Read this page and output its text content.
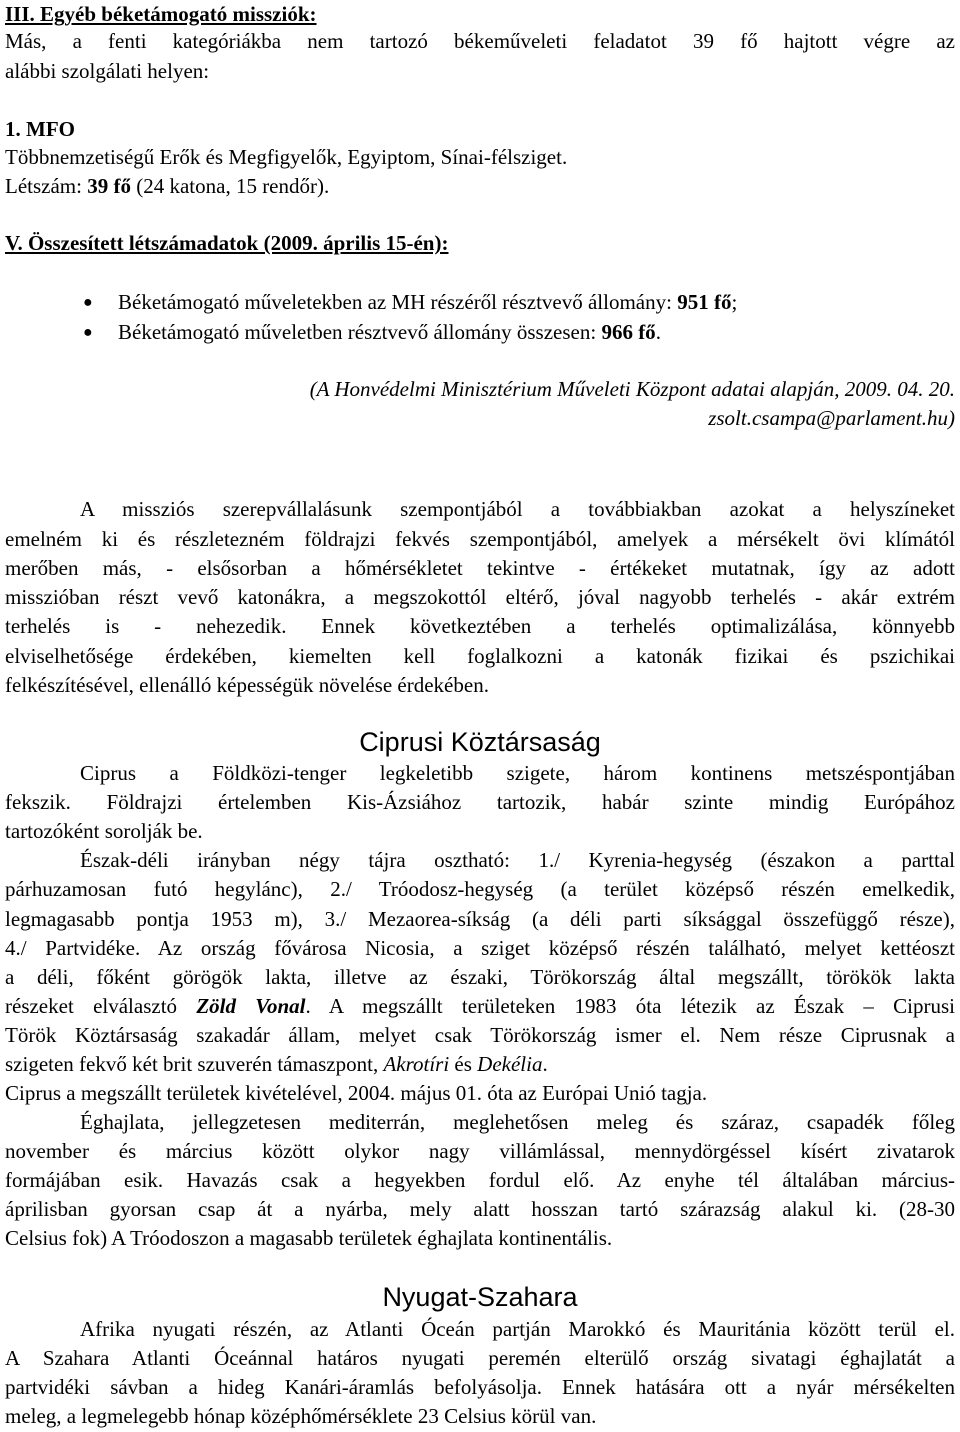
III. Egyéb béketámogató missziók:
Más, a fenti kategóriákba nem tartozó békeműveleti feladatot 39 fő hajtott végre az
alábbi szolgálati helyen:
1. MFO
Többnemzetiségű Erők és Megfigyelők, Egyiptom, Sínai-félsziget.
Létszám: 39 fő (24 katona, 15 rendőr).
V. Összesített létszámadatok (2009. április 15-én):
● Béketámogató műveletekben az MH részéről résztvevő állomány: 951 fő;
● Béketámogató műveletben résztvevő állomány összesen: 966 fő.
(A Honvédelmi Minisztérium Műveleti Központ adatai alapján, 2009. 04. 20.
zsolt.csampa@parlament.hu)
A missziós szerepvállalásunk szempontjából a továbbiakban azokat a helyszíneket
emelném ki és részletezném földrajzi fekvés szempontjából, amelyek a mérsékelt övi klímától
merőben más, - elsősorban a hőmérsékletet tekintve - értékeket mutatnak, így az adott
misszióban részt vevő katonákra, a megszokottól eltérő, jóval nagyobb terhelés - akár extrém
terhelés is - nehezedik. Ennek következtében a terhelés optimalizálása, könnyebb
elviselhetősége érdekében, kiemelten kell foglalkozni a katonák fizikai és pszichikai
felkészítésével, ellenálló képességük növelése érdekében.
Ciprusi Köztársaság
Ciprus a Földközi-tenger legkeletibb szigete, három kontinens metszéspontjában
fekszik. Földrajzi értelemben Kis-Ázsiához tartozik, habár szinte mindig Európához
tartozóként sorolják be.
Észak-déli irányban négy tájra osztható: 1./ Kyrenia-hegység (északon a parttal
párhuzamosan futó hegylánc), 2./ Tróodosz-hegység (a terület középső részén emelkedik,
legmagasabb pontja 1953 m), 3./ Mezaorea-síkság (a déli parti síksággal összefüggő része),
4./ Partvidéke. Az ország fővárosa Nicosia, a sziget középső részén található, melyet kettéoszt
a déli, főként görögök lakta, illetve az északi, Törökország által megszállt, törökök lakta
részeket elválasztó Zöld Vonal. A megszállt területeken 1983 óta létezik az Észak – Ciprusi
Török Köztársaság szakadár állam, melyet csak Törökország ismer el. Nem része Ciprusnak a
szigeten fekvő két brit szuverén támaszpont, Akrotíri és Dekélia.
Ciprus a megszállt területek kivételével, 2004. május 01. óta az Európai Unió tagja.
Éghajlata, jellegzetesen mediterrán, meglehetősen meleg és száraz, csapadék főleg
november és március között olykor nagy villámlással, mennydörgéssel kísért zivatarok
formájában esik. Havazás csak a hegyekben fordul elő. Az enyhe tél általában március-
áprilisban gyorsan csap át a nyárba, mely alatt hosszan tartó szárazság alakul ki. (28-30
Celsius fok) A Tróodoszon a magasabb területek éghajlata kontinentális.
Nyugat-Szahara
Afrika nyugati részén, az Atlanti Óceán partján Marokkó és Mauritánia között terül el.
A Szahara Atlanti Óceánnal határos nyugati peremén elterülő ország sivatagi éghajlatát a
partvidéki sávban a hideg Kanári-áramlás befolyásolja. Ennek hatására ott a nyár mérsékelten
meleg, a legmelegebb hónap középhőmérséklete 23 Celsius körül van.
